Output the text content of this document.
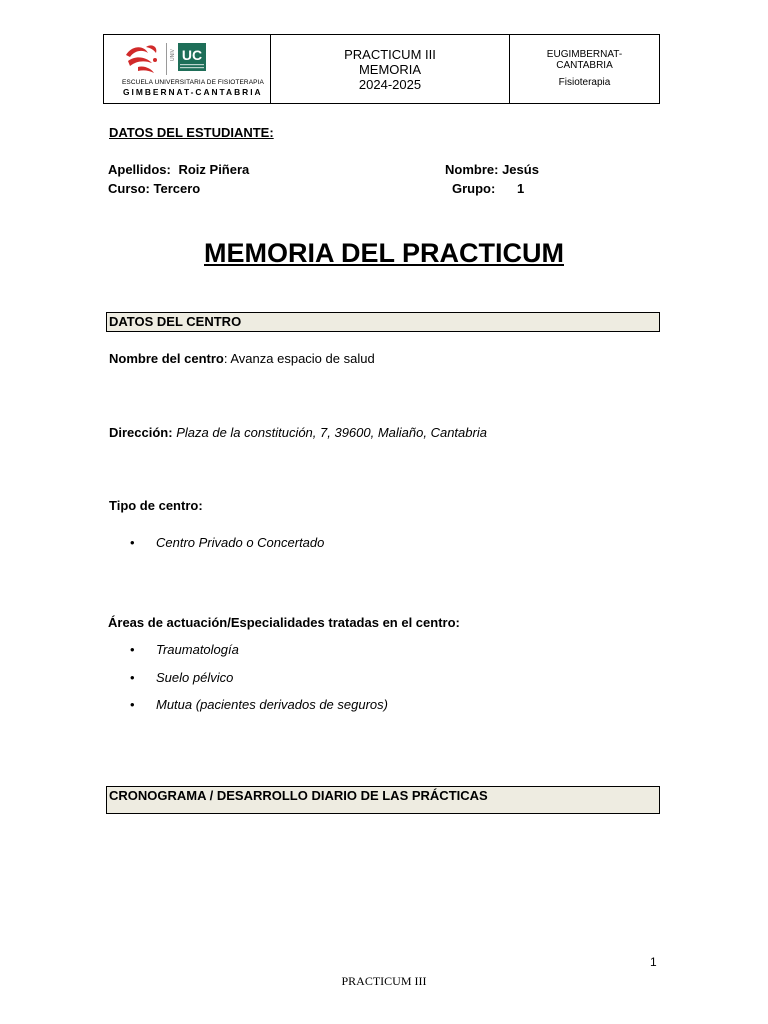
UNIV UC
ESCUELA UNIVERSITARIA DE FISIOTERAPIA
GIMBERNAT-CANTABRIA
PRACTICUM III
MEMORIA
2024-2025
EUGIMBERNAT-
CANTABRIA
Fisioterapia
DATOS DEL ESTUDIANTE:
Apellidos: Roiz Piñera	Nombre: Jesús
Curso: Tercero	Grupo: 1
MEMORIA DEL PRACTICUM
DATOS DEL CENTRO
Nombre del centro: Avanza espacio de salud
Dirección: Plaza de la constitución, 7, 39600, Maliaño, Cantabria
Tipo de centro:
• Centro Privado o Concertado
Áreas de actuación/Especialidades tratadas en el centro:
• Traumatología
• Suelo pélvico
• Mutua (pacientes derivados de seguros)
CRONOGRAMA / DESARROLLO DIARIO DE LAS PRÁCTICAS
1
PRACTICUM III
